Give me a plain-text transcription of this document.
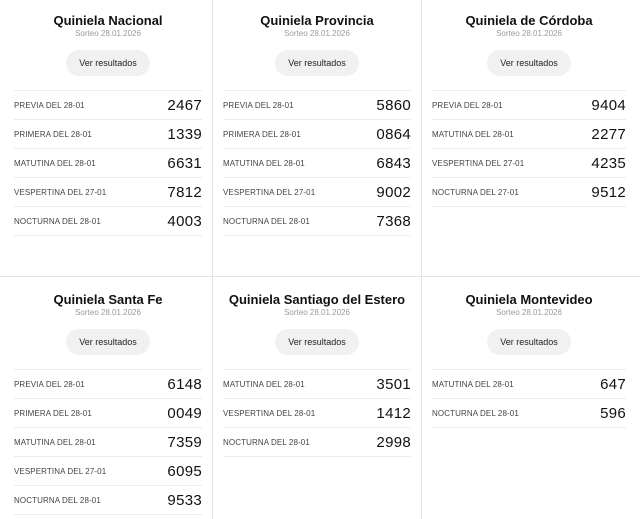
Quiniela Nacional
Sorteo 28.01.2026
Ver resultados
PREVIA DEL 28-01	2467
PRIMERA DEL 28-01	1339
MATUTINA DEL 28-01	6631
VESPERTINA DEL 27-01	7812
NOCTURNA DEL 28-01	4003
Quiniela Provincia
Sorteo 28.01.2026
Ver resultados
PREVIA DEL 28-01	5860
PRIMERA DEL 28-01	0864
MATUTINA DEL 28-01	6843
VESPERTINA DEL 27-01	9002
NOCTURNA DEL 28-01	7368
Quiniela de Córdoba
Sorteo 28.01.2026
Ver resultados
PREVIA DEL 28-01	9404
MATUTINA DEL 28-01	2277
VESPERTINA DEL 27-01	4235
NOCTURNA DEL 27-01	9512
Quiniela Santa Fe
Sorteo 28.01.2026
Ver resultados
PREVIA DEL 28-01	6148
PRIMERA DEL 28-01	0049
MATUTINA DEL 28-01	7359
VESPERTINA DEL 27-01	6095
NOCTURNA DEL 28-01	9533
Quiniela Santiago del Estero
Sorteo 28.01.2026
Ver resultados
MATUTINA DEL 28-01	3501
VESPERTINA DEL 28-01	1412
NOCTURNA DEL 28-01	2998
Quiniela Montevideo
Sorteo 28.01.2026
Ver resultados
MATUTINA DEL 28-01	647
NOCTURNA DEL 28-01	596
